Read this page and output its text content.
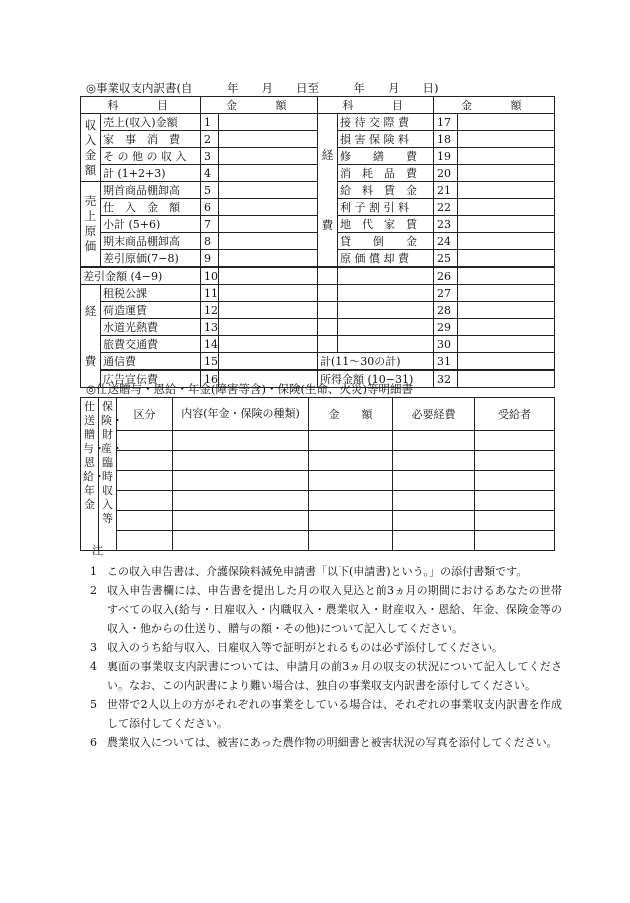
◎事業収支内訳書(自　　　年　　月　　日至　　　年　　月　　日)
科　　目		金　　額		科　　目		金　　額	
収入金額	売上(収入)金額	1		経費	接 待 交 際 費	17	
	家　事　消　費	2			損 害 保 険 料	18	
	そ の 他 の 収 入	3			修　　繕　　費	19	
	計 (1+2+3)	4			消　耗　品　費	20	
売上原価	期首商品棚卸高	5			給　料　賃　金	21	
	仕　入　金　額	6			利 子 割 引 料	22	
	小計 (5+6)	7			地　代　家　賃	23	
	期末商品棚卸高	8			貸　　倒　　金	24	
	差引原価(7−8)	9			原 価 償 却 費	25	
差引金額 (4−9)		10				26	
経費	租税公課	11				27	
	荷造運賃	12				28	
	水道光熱費	13				29	
	旅費交通費	14				30	
	通信費	15		計(11〜30の計)		31	
	広告宣伝費	16		所得金額 (10−31)		32	
◎仕送贈与・恩給・年金(障害等含)・保険(生命、火災)等明細書
仕送贈与・恩給・年金	保険・財産・臨時収入等	区分	内容(年金・保険の種類)	金　　額	必要経費	受給者

注
1 この収入申告書は、介護保険料減免申請書「以下(申請書)という。」の添付書類です。
2 収入申告書欄には、申告書を提出した月の収入見込と前3ヵ月の期間におけるあなたの世帯すべての収入(給与・日雇収入・内職収入・農業収入・財産収入・恩給、年金、保険金等の収入・他からの仕送り、贈与の額・その他)について記入してください。
3 収入のうち給与収入、日雇収入等で証明がとれるものは必ず添付してください。
4 裏面の事業収支内訳書については、申請月の前3ヵ月の収支の状況について記入してください。なお、この内訳書により難い場合は、独自の事業収支内訳書を添付してください。
5 世帯で2人以上の方がそれぞれの事業をしている場合は、それぞれの事業収支内訳書を作成して添付してください。
6 農業収入については、被害にあった農作物の明細書と被害状況の写真を添付してください。
